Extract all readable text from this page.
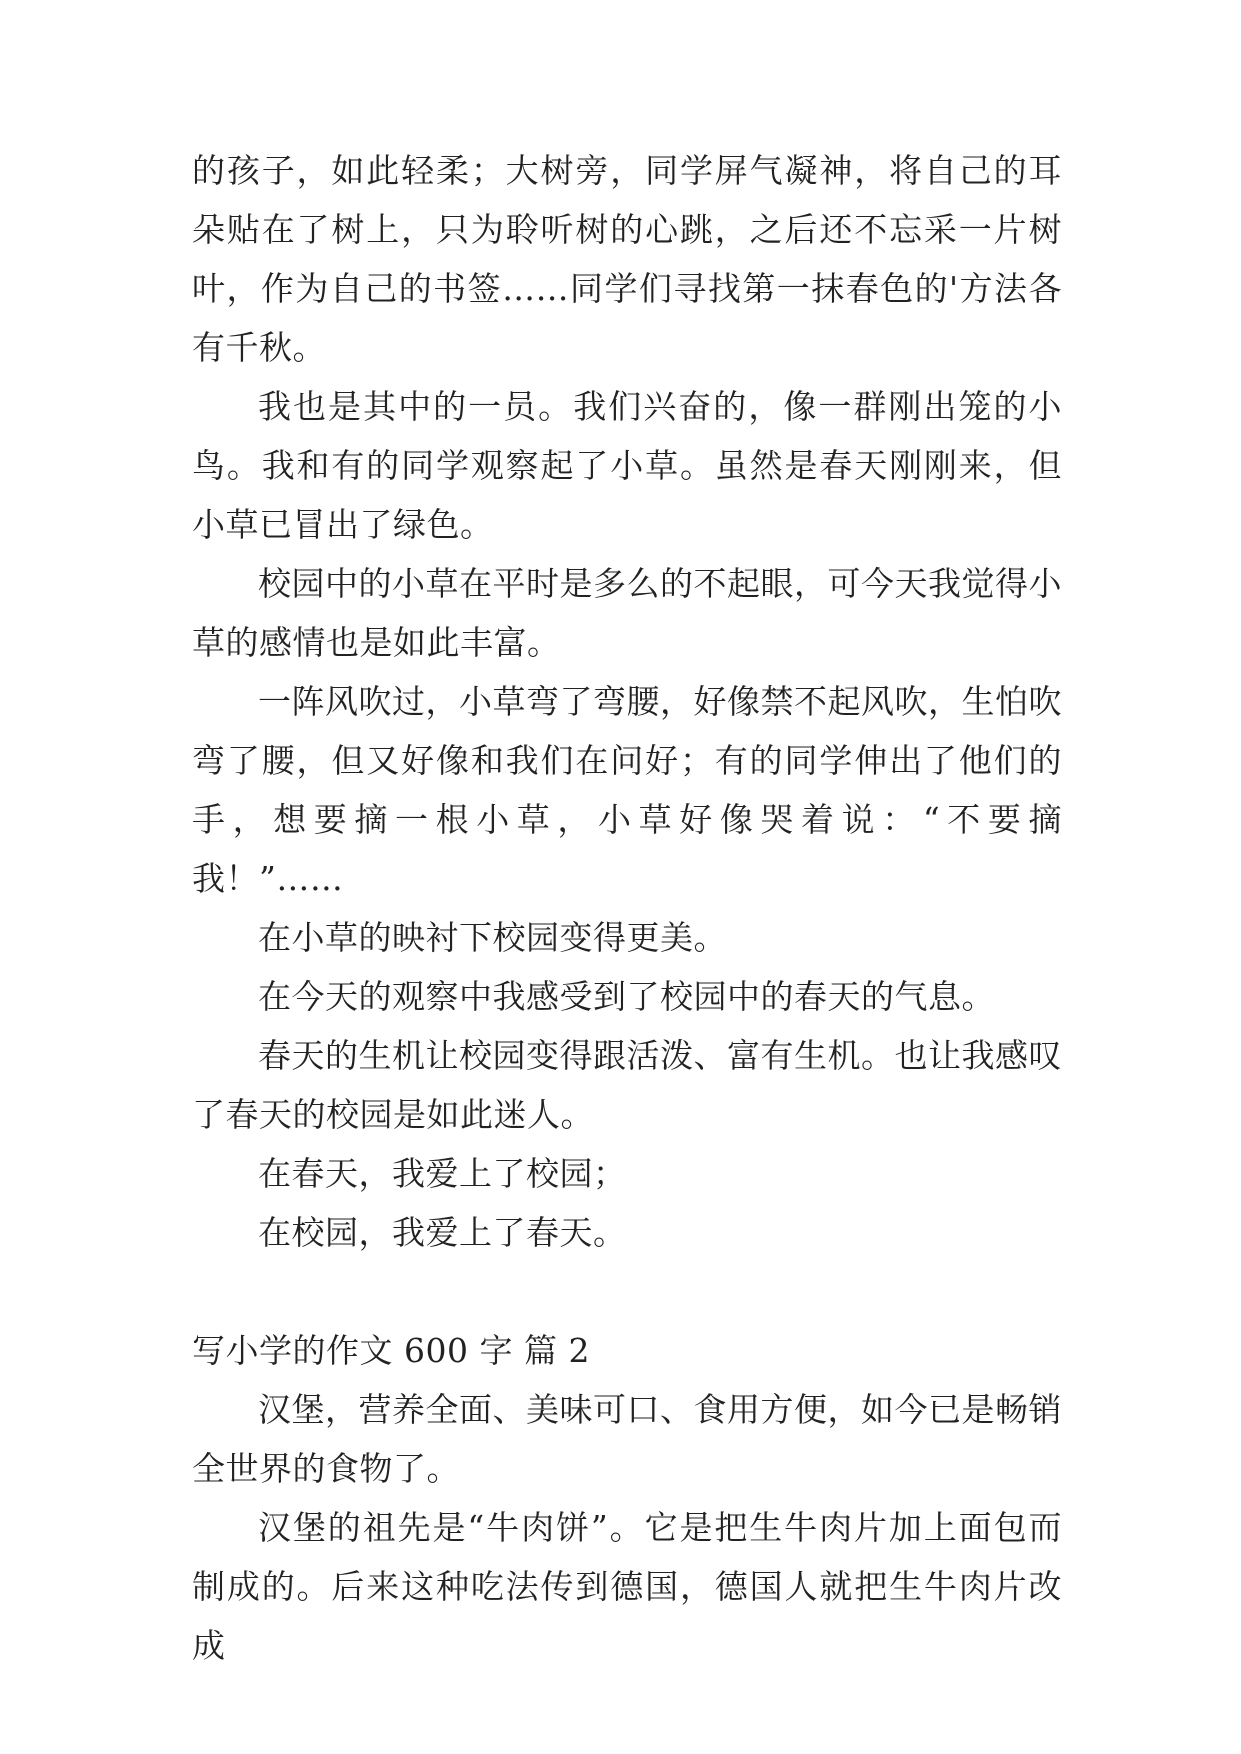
的孩子，如此轻柔；大树旁，同学屏气凝神，将自己的耳朵贴在了树上，只为聆听树的心跳，之后还不忘采一片树叶，作为自己的书签……同学们寻找第一抹春色的'方法各有千秋。

我也是其中的一员。我们兴奋的，像一群刚出笼的小鸟。我和有的同学观察起了小草。虽然是春天刚刚来，但小草已冒出了绿色。

校园中的小草在平时是多么的不起眼，可今天我觉得小草的感情也是如此丰富。

一阵风吹过，小草弯了弯腰，好像禁不起风吹，生怕吹弯了腰，但又好像和我们在问好；有的同学伸出了他们的手，想要摘一根小草，小草好像哭着说：“不要摘我！”……

在小草的映衬下校园变得更美。

在今天的观察中我感受到了校园中的春天的气息。

春天的生机让校园变得跟活泼、富有生机。也让我感叹了春天的校园是如此迷人。

在春天，我爱上了校园；

在校园，我爱上了春天。

写小学的作文 600 字 篇 2

汉堡，营养全面、美味可口、食用方便，如今已是畅销全世界的食物了。

汉堡的祖先是“牛肉饼”。它是把生牛肉片加上面包而制成的。后来这种吃法传到德国，德国人就把生牛肉片改成
